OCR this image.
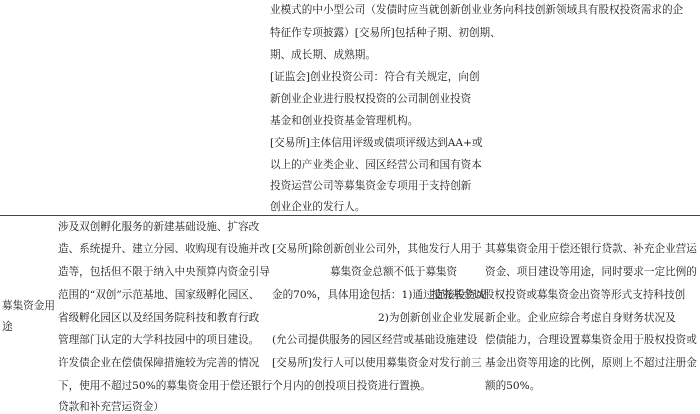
业模式的中小型公司（发债时应当就创新创业业务向科技创新领域具有股权投资需求的企
特征作专项披露）[交易所]包括种子期、初创期、
期、成长期、成熟期。
[证监会]创业投资公司：符合有关规定，向创
新创业企业进行股权投资的公司制创业投资
基金和创业投资基金管理机构。
[交易所]主体信用评级或债项评级达到AA+或
以上的产业类企业、园区经营公司和国有资本
投资运营公司等募集资金专项用于支持创新
创业企业的发行人。
募集资金用
途
涉及双创孵化服务的新建基础设施、扩容改
造、系统提升、建立分园、收购现有设施并改
造等，包括但不限于纳入中央预算内资金引导
范围的“双创”示范基地、国家级孵化园区、
省级孵化园区以及经国务院科技和教育行政
管理部门认定的大学科技园中的项目建设。
许发债企业在偿债保障措施较为完善的情况
下，使用不超过50%的募集资金用于偿还银行
贷款和补充营运资金）
[交易所]除创新创业公司外，其他发行人用于
募集资金总额不低于募集资
金的70%，具体用途包括：1)通过直接投资或
2)为创新创业企业发展
(允公司提供服务的园区经营或基础设施建设
[交易所]发行人可以使用募集资金对发行前三
个月内的创投项目投资进行置换。
其募集资金用于偿还银行贷款、补充企业营运
资金、项目建设等用途，同时要求一定比例的
投资基金以股权投资或募集资金出资等形式支持科技创
新企业。企业应综合考虑自身财务状况及
偿债能力，合理设置募集资金用于股权投资或
基金出资等用途的比例，原则上不超过注册金
额的50%。
